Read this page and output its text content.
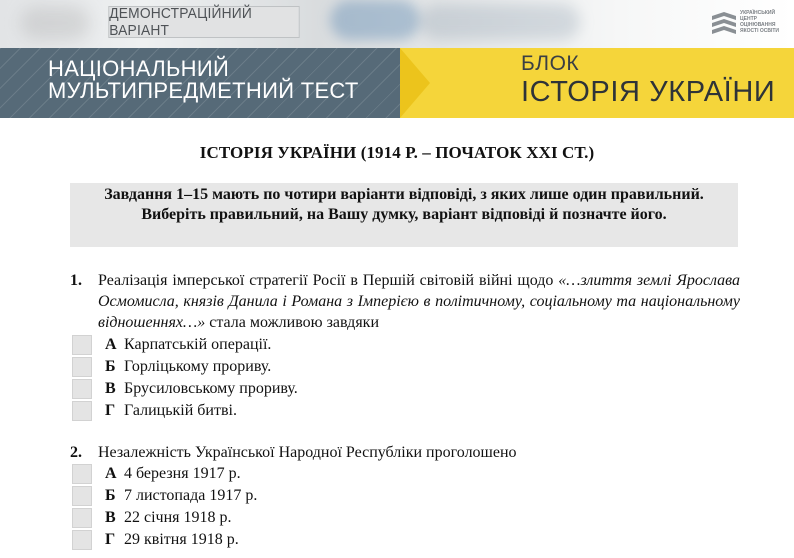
ДЕМОНСТРАЦІЙНИЙ ВАРІАНТ
УКРАЇНСЬКИЙ ЦЕНТР ОЦІНЮВАННЯ ЯКОСТІ ОСВІТИ
НАЦІОНАЛЬНИЙ
МУЛЬТИПРЕДМЕТНИЙ ТЕСТ
БЛОК
ІСТОРІЯ УКРАЇНИ
ІСТОРІЯ УКРАЇНИ (1914 Р. – ПОЧАТОК ХХІ СТ.)
Завдання 1–15 мають по чотири варіанти відповіді, з яких лише один правильний. Виберіть правильний, на Вашу думку, варіант відповіді й позначте його.
1. Реалізація імперської стратегії Росії в Першій світовій війні щодо «…злиття землі Ярослава Осмомисла, князів Данила і Романа з Імперією в політичному, соціальному та національному відношеннях…» стала можливою завдяки
А Карпатській операції.
Б Горліцькому прориву.
В Брусиловському прориву.
Г Галицькій битві.
2. Незалежність Української Народної Республіки проголошено
А 4 березня 1917 р.
Б 7 листопада 1917 р.
В 22 січня 1918 р.
Г 29 квітня 1918 р.
